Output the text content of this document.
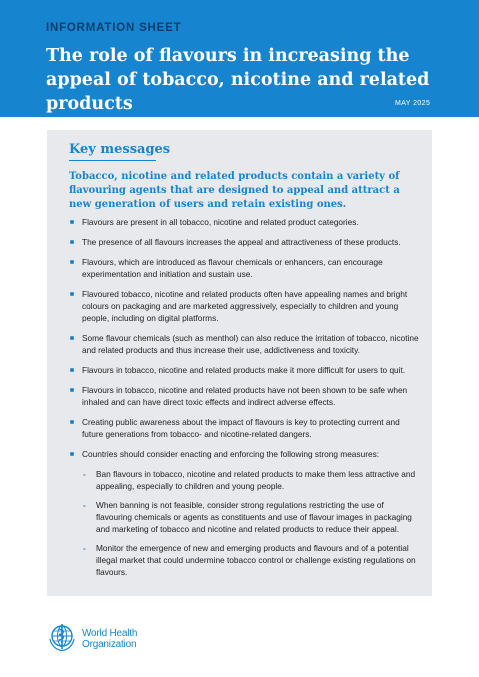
INFORMATION SHEET
The role of flavours in increasing the appeal of tobacco, nicotine and related products	MAY 2025
Key messages

Tobacco, nicotine and related products contain a variety of flavouring agents that are designed to appeal and attract a new generation of users and retain existing ones.

Flavours are present in all tobacco, nicotine and related product categories.
The presence of all flavours increases the appeal and attractiveness of these products.
Flavours, which are introduced as flavour chemicals or enhancers, can encourage experimentation and initiation and sustain use.
Flavoured tobacco, nicotine and related products often have appealing names and bright colours on packaging and are marketed aggressively, especially to children and young people, including on digital platforms.
Some flavour chemicals (such as menthol) can also reduce the irritation of tobacco, nicotine and related products and thus increase their use, addictiveness and toxicity.
Flavours in tobacco, nicotine and related products make it more difficult for users to quit.
Flavours in tobacco, nicotine and related products have not been shown to be safe when inhaled and can have direct toxic effects and indirect adverse effects.
Creating public awareness about the impact of flavours is key to protecting current and future generations from tobacco- and nicotine-related dangers.
Countries should consider enacting and enforcing the following strong measures:
- Ban flavours in tobacco, nicotine and related products to make them less attractive and appealing, especially to children and young people.
- When banning is not feasible, consider strong regulations restricting the use of flavouring chemicals or agents as constituents and use of flavour images in packaging and marketing of tobacco and nicotine and related products to reduce their appeal.
- Monitor the emergence of new and emerging products and flavours and of a potential illegal market that could undermine tobacco control or challenge existing regulations on flavours.
World Health
Organization
